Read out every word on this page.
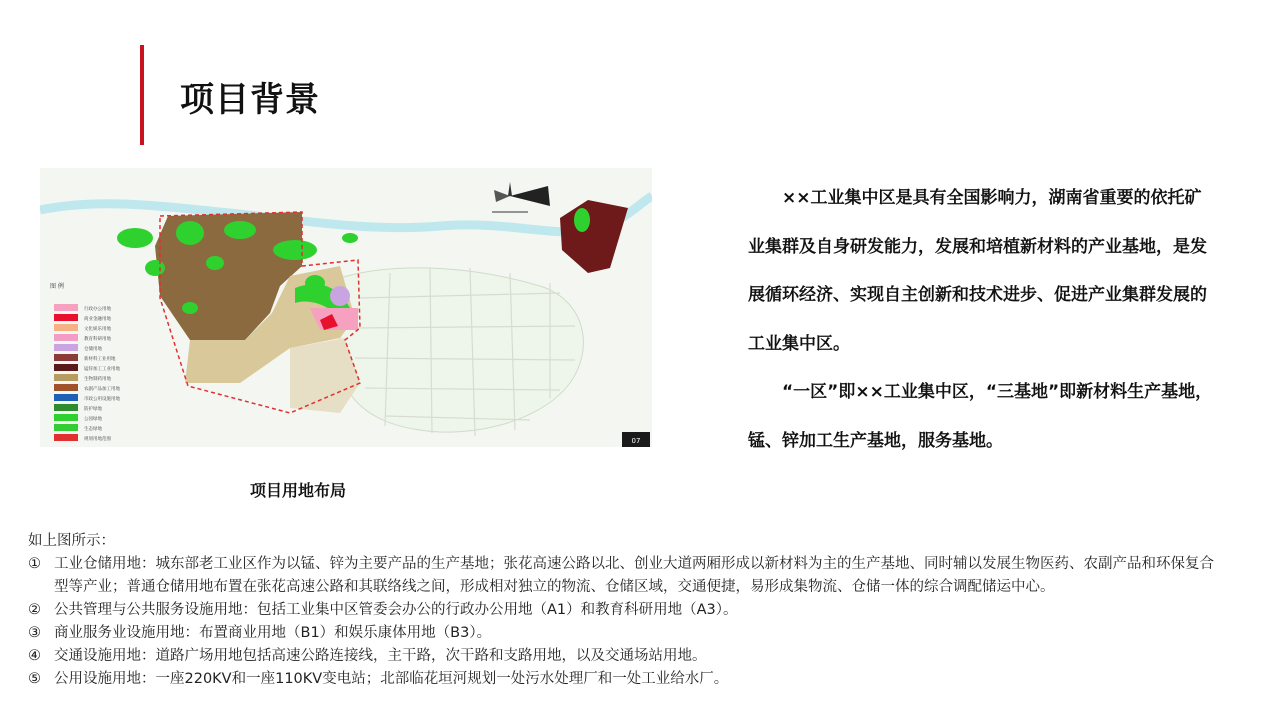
项目背景
图 例
行政办公用地
商业金融用地
文化娱乐用地
教育科研用地
仓储用地
新材料工业用地
锰锌加工工业用地
生物制药用地
农副产品加工用地
市政公用设施用地
防护绿地
公园绿地
生态绿地
规划用地范围	07
项目用地布局

××工业集中区是具有全国影响力，湖南省重要的依托矿业集群及自身研发能力，发展和培植新材料的产业基地，是发展循环经济、实现自主创新和技术进步、促进产业集群发展的工业集中区。

“一区”即××工业集中区，“三基地”即新材料生产基地，锰、锌加工生产基地，服务基地。

如上图所示：

① 工业仓储用地：城东部老工业区作为以锰、锌为主要产品的生产基地；张花高速公路以北、创业大道两厢形成以新材料为主的生产基地、同时辅以发展生物医药、农副产品和环保复合型等产业；普通仓储用地布置在张花高速公路和其联络线之间，形成相对独立的物流、仓储区域，交通便捷，易形成集物流、仓储一体的综合调配储运中心。
② 公共管理与公共服务设施用地：包括工业集中区管委会办公的行政办公用地（A1）和教育科研用地（A3）。
③ 商业服务业设施用地：布置商业用地（B1）和娱乐康体用地（B3）。
④ 交通设施用地：道路广场用地包括高速公路连接线，主干路，次干路和支路用地，以及交通场站用地。
⑤ 公用设施用地：一座220KV和一座110KV变电站；北部临花垣河规划一处污水处理厂和一处工业给水厂。
